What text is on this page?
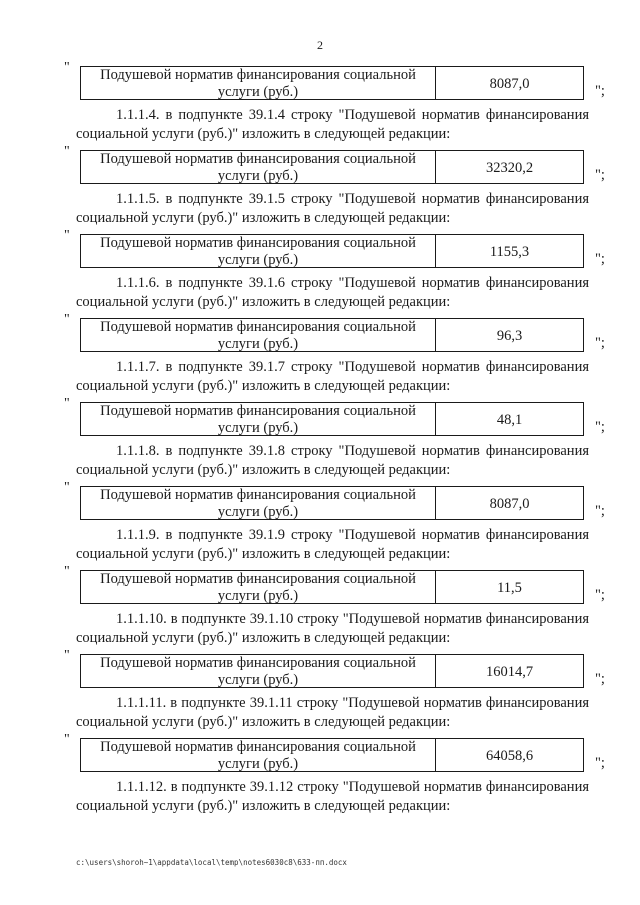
2
"	Подушевой норматив финансирования социальной услуги (руб.)	8087,0	";
1.1.1.4. в подпункте 39.1.4 строку "Подушевой норматив финансирования
социальной услуги (руб.)" изложить в следующей редакции:
"	Подушевой норматив финансирования социальной услуги (руб.)	32320,2	";
1.1.1.5. в подпункте 39.1.5 строку "Подушевой норматив финансирования
социальной услуги (руб.)" изложить в следующей редакции:
"	Подушевой норматив финансирования социальной услуги (руб.)	1155,3	";
1.1.1.6. в подпункте 39.1.6 строку "Подушевой норматив финансирования
социальной услуги (руб.)" изложить в следующей редакции:
"	Подушевой норматив финансирования социальной услуги (руб.)	96,3	";
1.1.1.7. в подпункте 39.1.7 строку "Подушевой норматив финансирования
социальной услуги (руб.)" изложить в следующей редакции:
"	Подушевой норматив финансирования социальной услуги (руб.)	48,1	";
1.1.1.8. в подпункте 39.1.8 строку "Подушевой норматив финансирования
социальной услуги (руб.)" изложить в следующей редакции:
"	Подушевой норматив финансирования социальной услуги (руб.)	8087,0	";
1.1.1.9. в подпункте 39.1.9 строку "Подушевой норматив финансирования
социальной услуги (руб.)" изложить в следующей редакции:
"	Подушевой норматив финансирования социальной услуги (руб.)	11,5	";
1.1.1.10. в подпункте 39.1.10 строку "Подушевой норматив финансирования
социальной услуги (руб.)" изложить в следующей редакции:
"	Подушевой норматив финансирования социальной услуги (руб.)	16014,7	";
1.1.1.11. в подпункте 39.1.11 строку "Подушевой норматив финансирования
социальной услуги (руб.)" изложить в следующей редакции:
"	Подушевой норматив финансирования социальной услуги (руб.)	64058,6	";
1.1.1.12. в подпункте 39.1.12 строку "Подушевой норматив финансирования
социальной услуги (руб.)" изложить в следующей редакции:
c:\users\shoroh~1\appdata\local\temp\notes6030c8\633-пп.docx
